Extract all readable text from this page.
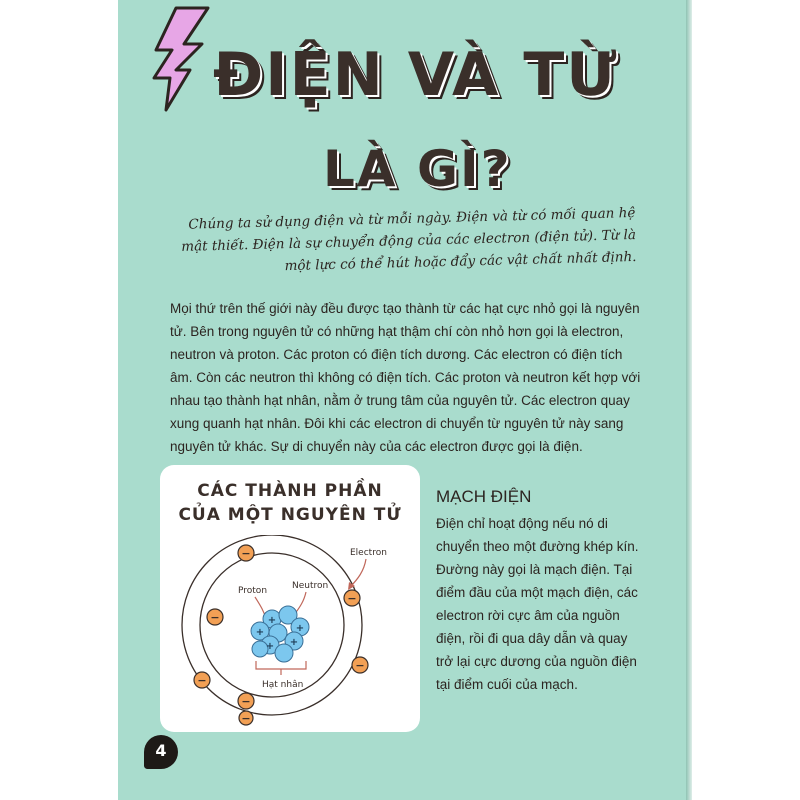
ĐIỆN VÀ TỪ
LÀ GÌ?

Chúng ta sử dụng điện và từ mỗi ngày. Điện và từ có mối quan hệ

mật thiết. Điện là sự chuyển động của các electron (điện tử). Từ là

một lực có thể hút hoặc đẩy các vật chất nhất định.

Mọi thứ trên thế giới này đều được tạo thành từ các hạt cực nhỏ gọi là nguyên

tử. Bên trong nguyên tử có những hạt thậm chí còn nhỏ hơn gọi là electron,

neutron và proton. Các proton có điện tích dương. Các electron có điện tích

âm. Còn các neutron thì không có điện tích. Các proton và neutron kết hợp với

nhau tạo thành hạt nhân, nằm ở trung tâm của nguyên tử. Các electron quay

xung quanh hạt nhân. Đôi khi các electron di chuyển từ nguyên tử này sang

nguyên tử khác. Sự di chuyển này của các electron được gọi là điện.

CÁC THÀNH PHẦN
CỦA MỘT NGUYÊN TỬ
Electron
Proton	Neutron
+
+
+
+
+
Hạt nhân
−
−
−
−
−
−
−
MẠCH ĐIỆN

Điện chỉ hoạt động nếu nó di

chuyển theo một đường khép kín.

Đường này gọi là mạch điện. Tại

điểm đầu của một mạch điện, các

electron rời cực âm của nguồn

điện, rồi đi qua dây dẫn và quay

trở lại cực dương của nguồn điện

tại điểm cuối của mạch.

4
